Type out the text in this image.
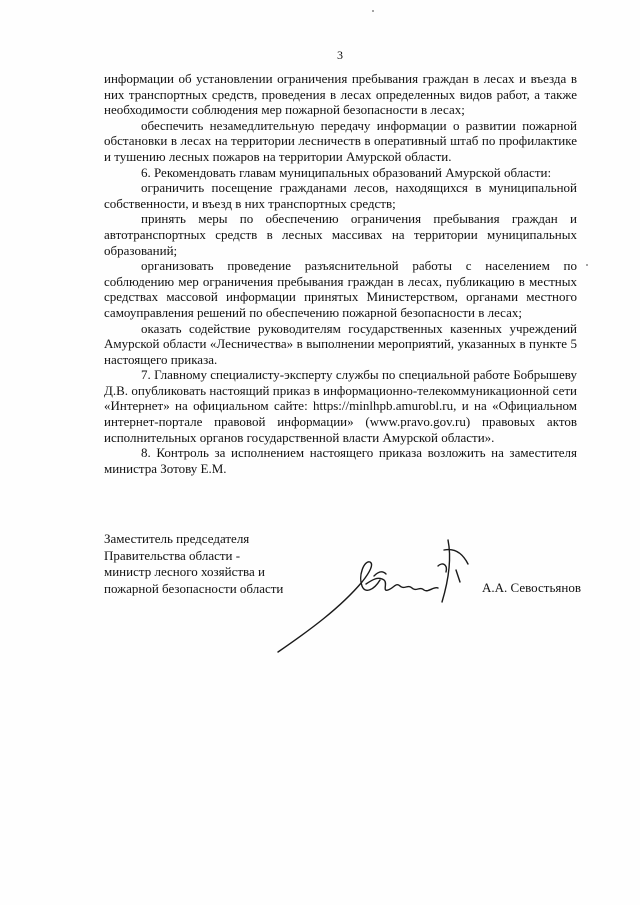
3

информации об установлении ограничения пребывания граждан в лесах и въезда в них транспортных средств, проведения в лесах определенных видов работ, а также необходимости соблюдения мер пожарной безопасности в лесах;

обеспечить незамедлительную передачу информации о развитии пожарной обстановки в лесах на территории лесничеств в оперативный штаб по профилактике и тушению лесных пожаров на территории Амурской области.

6. Рекомендовать главам муниципальных образований Амурской области:

ограничить посещение гражданами лесов, находящихся в муниципальной собственности, и въезд в них транспортных средств;

принять меры по обеспечению ограничения пребывания граждан и автотранспортных средств в лесных массивах на территории муниципальных образований;

организовать проведение разъяснительной работы с населением по соблюдению мер ограничения пребывания граждан в лесах, публикацию в местных средствах массовой информации принятых Министерством, органами местного самоуправления решений по обеспечению пожарной безопасности в лесах;

оказать содействие руководителям государственных казенных учреждений Амурской области «Лесничества» в выполнении мероприятий, указанных в пункте 5 настоящего приказа.

7. Главному специалисту-эксперту службы по специальной работе Бобрышеву Д.В. опубликовать настоящий приказ в информационно-телекоммуникационной сети «Интернет» на официальном сайте: https://minlhpb.amurobl.ru, и на «Официальном интернет-портале правовой информации» (www.pravo.gov.ru) правовых актов исполнительных органов государственной власти Амурской области».

8. Контроль за исполнением настоящего приказа возложить на заместителя министра Зотову Е.М.

Заместитель председателя
Правительства области -
министр лесного хозяйства и
пожарной безопасности области	А.А. Севостьянов
